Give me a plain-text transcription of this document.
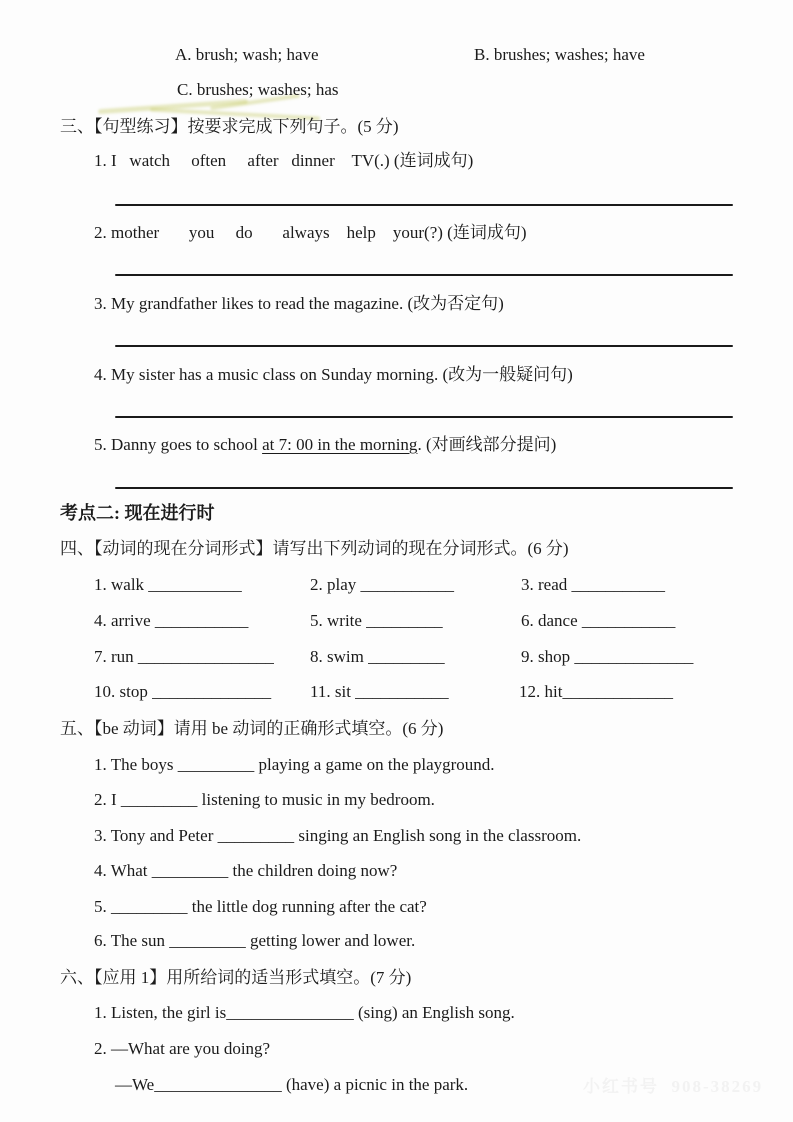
A. brush; wash; have	B. brushes; washes; have
C. brushes; washes; has
三、【句型练习】按要求完成下列句子。(5 分)
1. I   watch     often     after   dinner    TV(.) (连词成句)
2. mother       you     do       always    help    your(?) (连词成句)
3. My grandfather likes to read the magazine. (改为否定句)
4. My sister has a music class on Sunday morning. (改为一般疑问句)
5. Danny goes to school at 7: 00 in the morning. (对画线部分提问)
考点二: 现在进行时
四、【动词的现在分词形式】请写出下列动词的现在分词形式。(6 分)
1. walk ___________	2. play ___________	3. read ___________
4. arrive ___________	5. write _________	6. dance ___________
7. run ________________ 8. swim _________	9. shop ______________
10. stop ______________ 11. sit ___________	12. hit_____________
五、【be 动词】请用 be 动词的正确形式填空。(6 分)
1. The boys _________ playing a game on the playground.
2. I _________ listening to music in my bedroom.
3. Tony and Peter _________ singing an English song in the classroom.
4. What _________ the children doing now?
5. _________ the little dog running after the cat?
6. The sun _________ getting lower and lower.
六、【应用 1】用所给词的适当形式填空。(7 分)
1. Listen, the girl is_______________ (sing) an English song.
2. —What are you doing?
—We_______________ (have) a picnic in the park.	小红书号  908-38269
